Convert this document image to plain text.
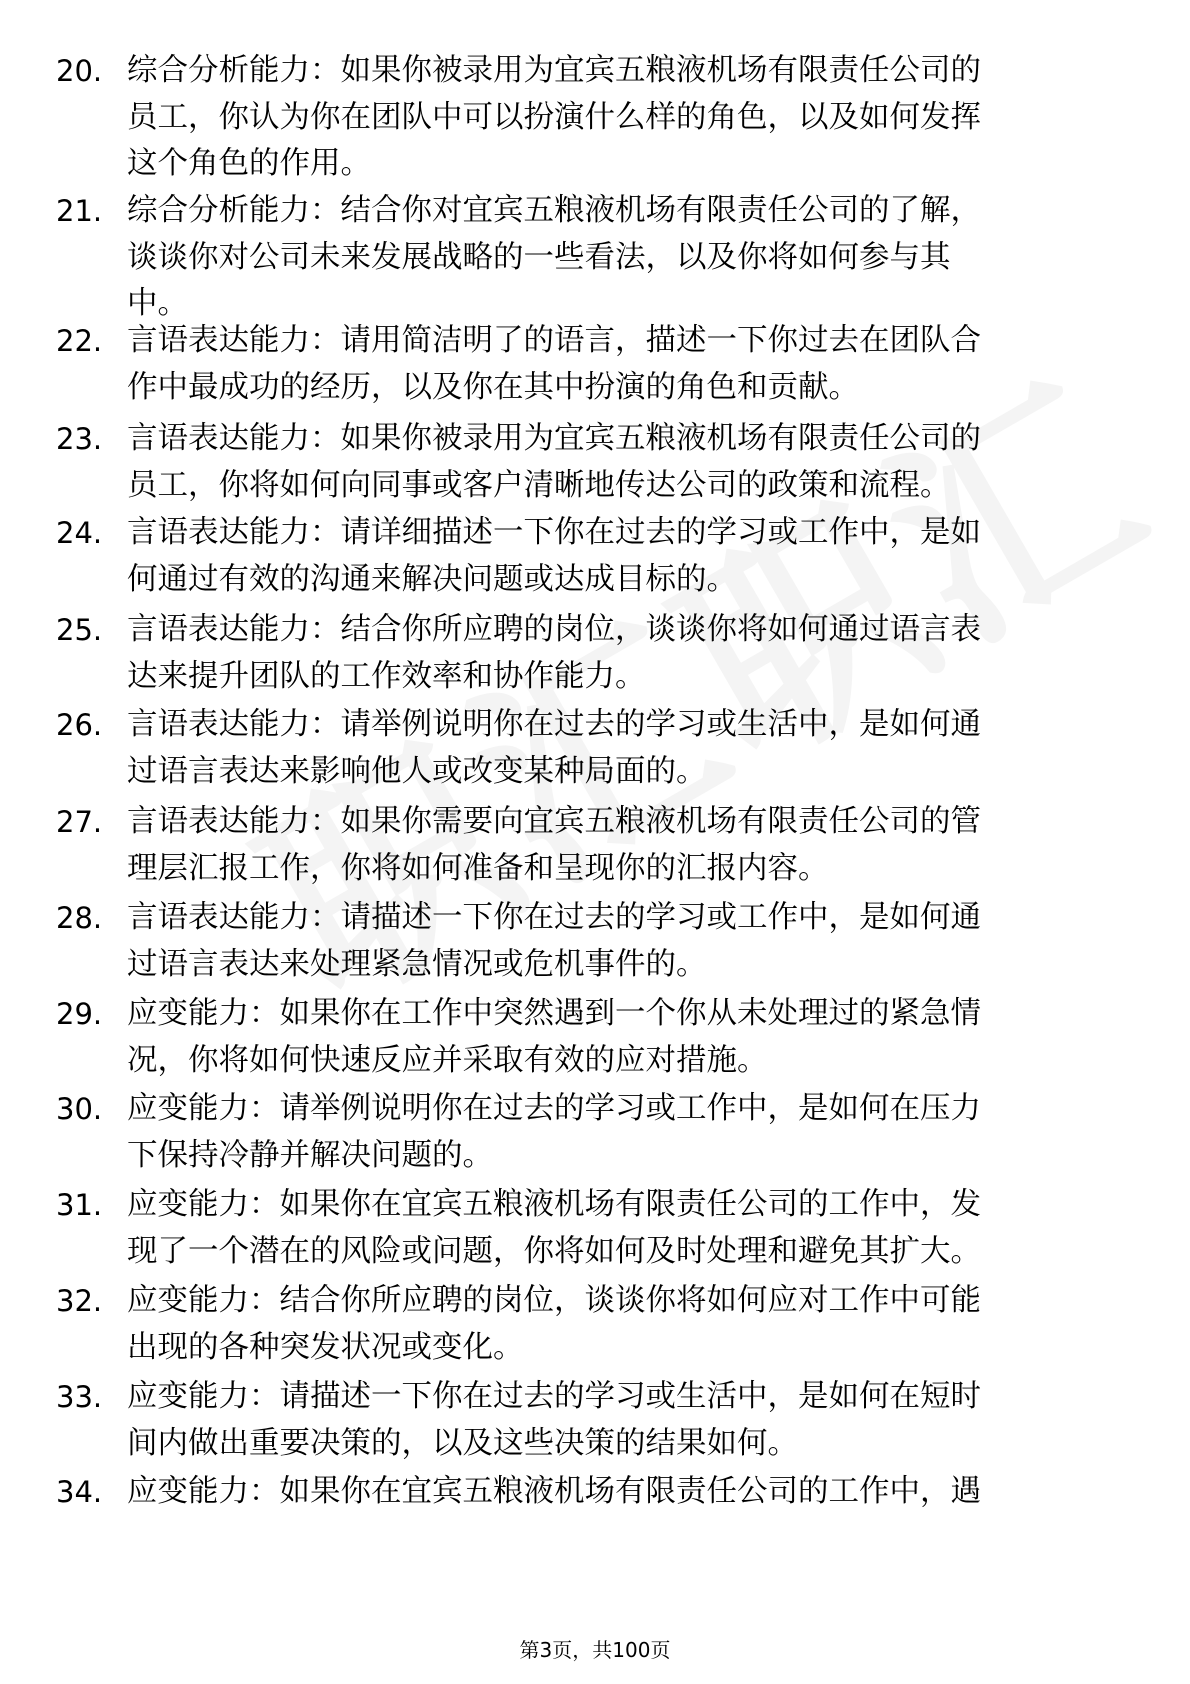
20. 综合分析能力：如果你被录用为宜宾五粮液机场有限责任公司的
员工，你认为你在团队中可以扮演什么样的角色，以及如何发挥
这个角色的作用。
21. 综合分析能力：结合你对宜宾五粮液机场有限责任公司的了解，
谈谈你对公司未来发展战略的一些看法，以及你将如何参与其
中。
22. 言语表达能力：请用简洁明了的语言，描述一下你过去在团队合
作中最成功的经历，以及你在其中扮演的角色和贡献。
23. 言语表达能力：如果你被录用为宜宾五粮液机场有限责任公司的
员工，你将如何向同事或客户清晰地传达公司的政策和流程。
24. 言语表达能力：请详细描述一下你在过去的学习或工作中，是如
何通过有效的沟通来解决问题或达成目标的。
25. 言语表达能力：结合你所应聘的岗位，谈谈你将如何通过语言表
达来提升团队的工作效率和协作能力。
26. 言语表达能力：请举例说明你在过去的学习或生活中，是如何通
过语言表达来影响他人或改变某种局面的。
27. 言语表达能力：如果你需要向宜宾五粮液机场有限责任公司的管
理层汇报工作，你将如何准备和呈现你的汇报内容。
28. 言语表达能力：请描述一下你在过去的学习或工作中，是如何通
过语言表达来处理紧急情况或危机事件的。
29. 应变能力：如果你在工作中突然遇到一个你从未处理过的紧急情
况，你将如何快速反应并采取有效的应对措施。
30. 应变能力：请举例说明你在过去的学习或工作中，是如何在压力
下保持冷静并解决问题的。
31. 应变能力：如果你在宜宾五粮液机场有限责任公司的工作中，发
现了一个潜在的风险或问题，你将如何及时处理和避免其扩大。
32. 应变能力：结合你所应聘的岗位，谈谈你将如何应对工作中可能
出现的各种突发状况或变化。
33. 应变能力：请描述一下你在过去的学习或生活中，是如何在短时
间内做出重要决策的，以及这些决策的结果如何。
34. 应变能力：如果你在宜宾五粮液机场有限责任公司的工作中，遇
第3页，共100页
